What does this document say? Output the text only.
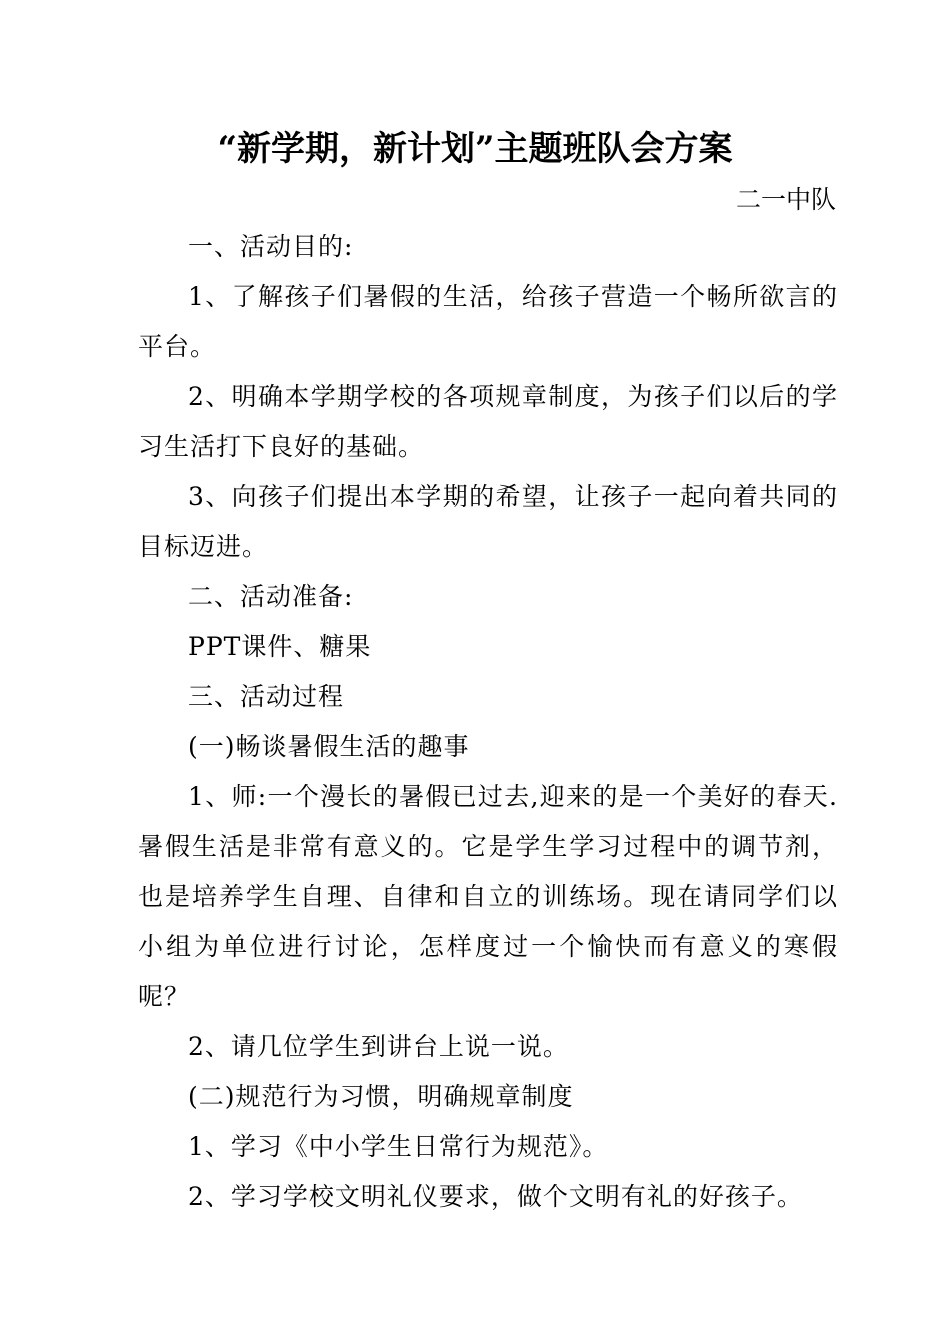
“新学期，新计划”主题班队会方案
二一中队

一、活动目的:

1、了解孩子们暑假的生活，给孩子营造一个畅所欲言的平台。

2、明确本学期学校的各项规章制度，为孩子们以后的学习生活打下良好的基础。

3、向孩子们提出本学期的希望，让孩子一起向着共同的目标迈进。

二、活动准备:

PPT课件、糖果

三、活动过程

(一)畅谈暑假生活的趣事

1、师:一个漫长的暑假已过去,迎来的是一个美好的春天.暑假生活是非常有意义的。它是学生学习过程中的调节剂，也是培养学生自理、自律和自立的训练场。现在请同学们以小组为单位进行讨论，怎样度过一个愉快而有意义的寒假呢？

2、请几位学生到讲台上说一说。

(二)规范行为习惯，明确规章制度

1、学习《中小学生日常行为规范》。

2、学习学校文明礼仪要求，做个文明有礼的好孩子。
